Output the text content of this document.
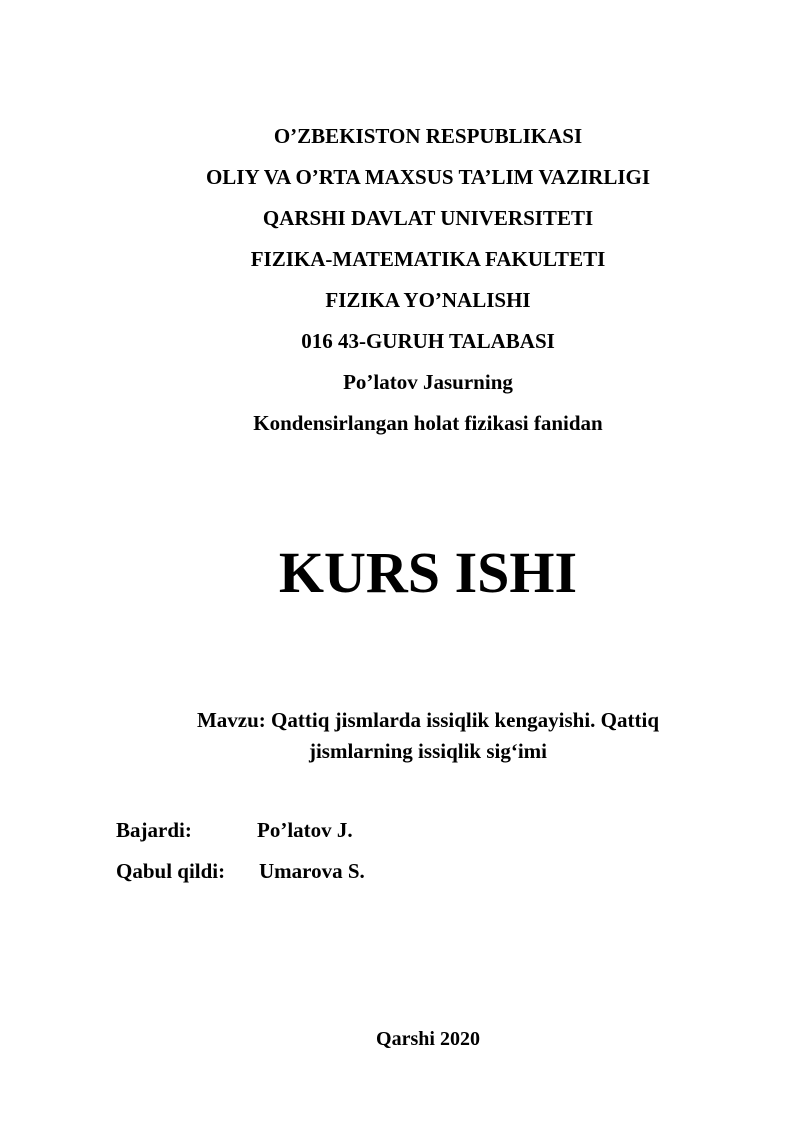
O’ZBEKISTON RESPUBLIKASI
OLIY VA O’RTA MAXSUS TA’LIM VAZIRLIGI
QARSHI DAVLAT UNIVERSITETI
FIZIKA-MATEMATIKA FAKULTETI
FIZIKA YO’NALISHI
016 43-GURUH TALABASI
Po’latov Jasurning
Kondensirlangan holat fizikasi fanidan
KURS ISHI
Mavzu: Qattiq jismlarda issiqlik kengayishi. Qattiq jismlarning issiqlik sig‘imi
Bajardi:	Po’latov J.
Qabul qildi: Umarova S.
Qarshi 2020
